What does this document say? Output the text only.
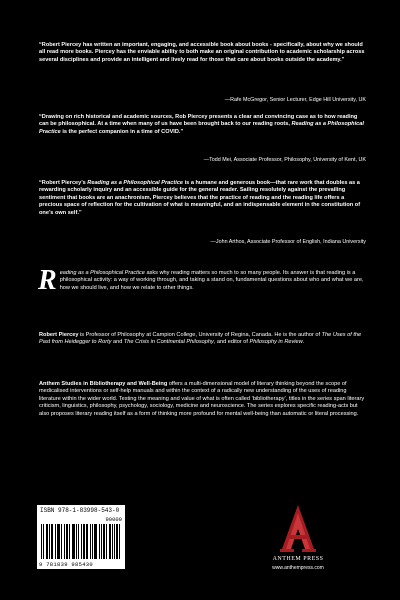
“Robert Piercey has written an important, engaging, and accessible book about books - specifically, about why we should all read more books. Piercey has the enviable ability to both make an original contribution to academic scholarship across several disciplines and provide an intelligent and lively read for those that care about books outside the academy.”
—Rafe McGregor, Senior Lecturer, Edge Hill University, UK
“Drawing on rich historical and academic sources, Rob Piercey presents a clear and convincing case as to how reading can be philosophical. At a time when many of us have been brought back to our reading roots, Reading as a Philosophical Practice is the perfect companion in a time of COVID.”
—Todd Mei, Associate Professor, Philosophy, University of Kent, UK
“Robert Piercey’s Reading as a Philosophical Practice is a humane and generous book—that rare work that doubles as a rewarding scholarly inquiry and an accessible guide for the general reader. Sailing resolutely against the prevailing sentiment that books are an anachronism, Piercey believes that the practice of reading and the reading life offers a precious space of reflection for the cultivation of what is meaningful, and an indispensable element in the constitution of one’s own self.”
—John Arthos, Associate Professor of English, Indiana University
Reading as a Philosophical Practice asks why reading matters so much to so many people. Its answer is that reading is a philosophical activity: a way of working through, and taking a stand on, fundamental questions about who and what we are, how we should live, and how we relate to other things.
Robert Piercey is Professor of Philosophy at Campion College, University of Regina, Canada. He is the author of The Uses of the Past from Heidegger to Rorty and The Crisis in Continental Philosophy, and editor of Philosophy in Review.
Anthem Studies in Bibliotherapy and Well-Being offers a multi-dimensional model of literary thinking beyond the scope of medicalised interventions or self-help manuals and within the context of a radically new understanding of the uses of reading literature within the wider world. Testing the meaning and value of what is often called ‘bibliotherapy’, titles in the series span literary criticism, linguistics, philosophy, psychology, sociology, medicine and neuroscience. The series explores specific reading-acts but also proposes literary reading itself as a form of thinking more profound for mental well-being than automatic or literal processing.
ISBN 978-1-83998-543-0
90000
9 781839 985430
ANTHEM PRESS
www.anthempress.com
